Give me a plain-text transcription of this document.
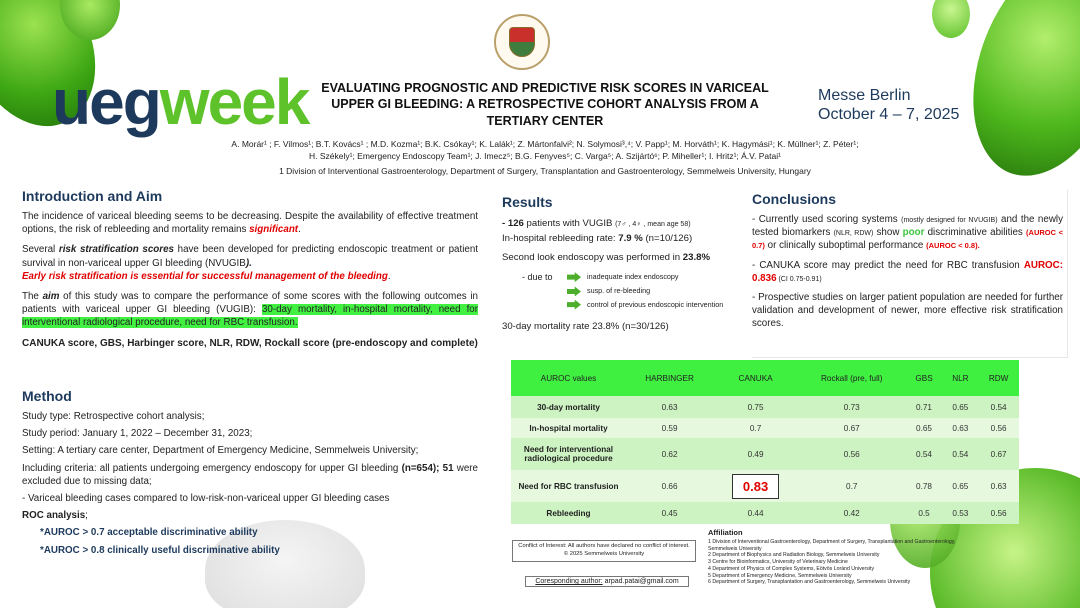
uegweek	EVALUATING PROGNOSTIC AND PREDICTIVE RISK SCORES IN VARICEAL UPPER GI BLEEDING: A RETROSPECTIVE COHORT ANALYSIS FROM A TERTIARY CENTER
Messe Berlin
October 4 – 7, 2025
A. Morár¹ ; F. Vilmos¹; B.T. Kovács¹ ; M.D. Kozma¹; B.K. Csókay¹; K. Lalák¹; Z. Mártonfalvi²; N. Solymosi³,⁴; V. Papp¹; M. Horváth¹; K. Hagymási¹; K. Müllner¹; Z. Péter¹;
H. Székely¹; Emergency Endoscopy Team¹; J. Imecz⁵; B.G. Fenyves⁵; C. Varga⁵; A. Szijártó⁶; P. Miheller¹; I. Hritz¹; Á.V. Patai¹
1 Division of Interventional Gastroenterology, Department of Surgery, Transplantation and Gastroenterology, Semmelweis University, Hungary
Introduction and Aim

The incidence of variceal bleeding seems to be decreasing. Despite the availability of effective treatment options, the risk of rebleeding and mortality remains significant.

Several risk stratification scores have been developed for predicting endoscopic treatment or patient survival in non-variceal upper GI bleeding (NVUGIB).
Early risk stratification is essential for successful management of the bleeding.

The aim of this study was to compare the performance of some scores with the following outcomes in patients with variceal upper GI bleeding (VUGIB): 30-day mortality, in-hospital mortality, need for interventional radiological procedure, need for RBC transfusion.

CANUKA score, GBS, Harbinger score, NLR, RDW, Rockall score (pre-endoscopy and complete)

Method

Study type: Retrospective cohort analysis;

Study period: January 1, 2022 – December 31, 2023;

Setting: A tertiary care center, Department of Emergency Medicine, Semmelweis University;

Including criteria: all patients undergoing emergency endoscopy for upper GI bleeding (n=654); 51 were excluded due to missing data;

- Variceal bleeding cases compared to low-risk-non-variceal upper GI bleeding cases

ROC analysis;

*AUROC > 0.7 acceptable discriminative ability
*AUROC > 0.8 clinically useful discriminative ability
Results
- 126 patients with VUGIB (7♂ , 4♀ , mean age 58)

In-hospital rebleeding rate: 7.9 % (n=10/126)

Second look endoscopy was performed in 23.8%

- due to	inadequate index endoscopy
susp. of re-bleeding
control of previous endoscopic intervention

30-day mortality rate 23.8% (n=30/126)

Conclusions

- Currently used scoring systems (mostly designed for NVUGIB) and the newly tested biomarkers (NLR, RDW) show poor discriminative abilities (AUROC < 0.7) or clinically suboptimal performance (AUROC < 0.8).

- CANUKA score may predict the need for RBC transfusion AUROC: 0.836 (CI 0.75-0.91)

- Prospective studies on larger patient population are needed for further validation and development of newer, more effective risk stratification scores.

AUROC values	HARBINGER	CANUKA	Rockall (pre, full)	GBS	NLR	RDW
30-day mortality	0.63	0.75	0.73	0.71	0.65	0.54
In-hospital mortality	0.59	0.7	0.67	0.65	0.63	0.56
Need for interventional radiological procedure	0.62	0.49	0.56	0.54	0.54	0.67
Need for RBC transfusion	0.66	0.83	0.7	0.78	0.65	0.63
Rebleeding	0.45	0.44	0.42	0.5	0.53	0.56
Affiliation
1 Division of Interventional Gastroenterology, Department of Surgery, Transplantation and Gastroenterology, Semmelweis University
2 Department of Biophysics and Radiation Biology, Semmelweis University
3 Centre for Bioinformatics, University of Veterinary Medicine
4 Department of Physics of Complex Systems, Eötvös Loránd University
5 Department of Emergency Medicine, Semmelweis University
6 Department of Surgery, Transplantation and Gastroenterology, Semmelweis University
Conflict of Interest: All authors have declared no conflict of interest.
© 2025 Semmelweis University
Coresponding author: arpad.patai@gmail.com
